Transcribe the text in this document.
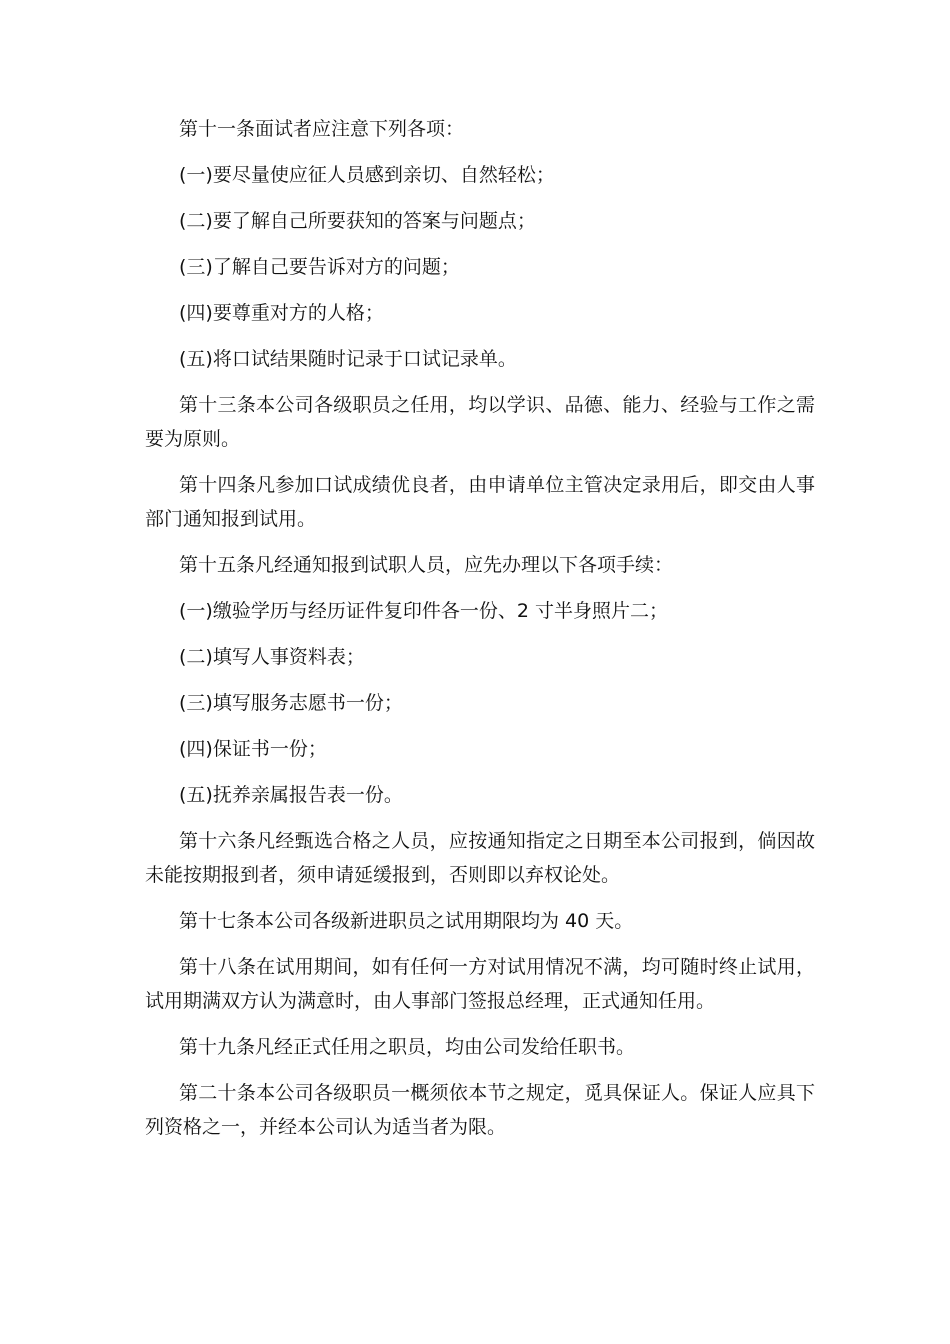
第十一条面试者应注意下列各项：

(一)要尽量使应征人员感到亲切、自然轻松；

(二)要了解自己所要获知的答案与问题点；

(三)了解自己要告诉对方的问题；

(四)要尊重对方的人格；

(五)将口试结果随时记录于口试记录单。

第十三条本公司各级职员之任用，均以学识、品德、能力、经验与工作之需要为原则。

第十四条凡参加口试成绩优良者，由申请单位主管决定录用后，即交由人事部门通知报到试用。

第十五条凡经通知报到试职人员，应先办理以下各项手续：

(一)缴验学历与经历证件复印件各一份、2 寸半身照片二；

(二)填写人事资料表；

(三)填写服务志愿书一份；

(四)保证书一份；

(五)抚养亲属报告表一份。

第十六条凡经甄选合格之人员，应按通知指定之日期至本公司报到，倘因故未能按期报到者，须申请延缓报到，否则即以弃权论处。

第十七条本公司各级新进职员之试用期限均为 40 天。

第十八条在试用期间，如有任何一方对试用情况不满，均可随时终止试用，试用期满双方认为满意时，由人事部门签报总经理，正式通知任用。

第十九条凡经正式任用之职员，均由公司发给任职书。

第二十条本公司各级职员一概须依本节之规定，觅具保证人。保证人应具下列资格之一，并经本公司认为适当者为限。
